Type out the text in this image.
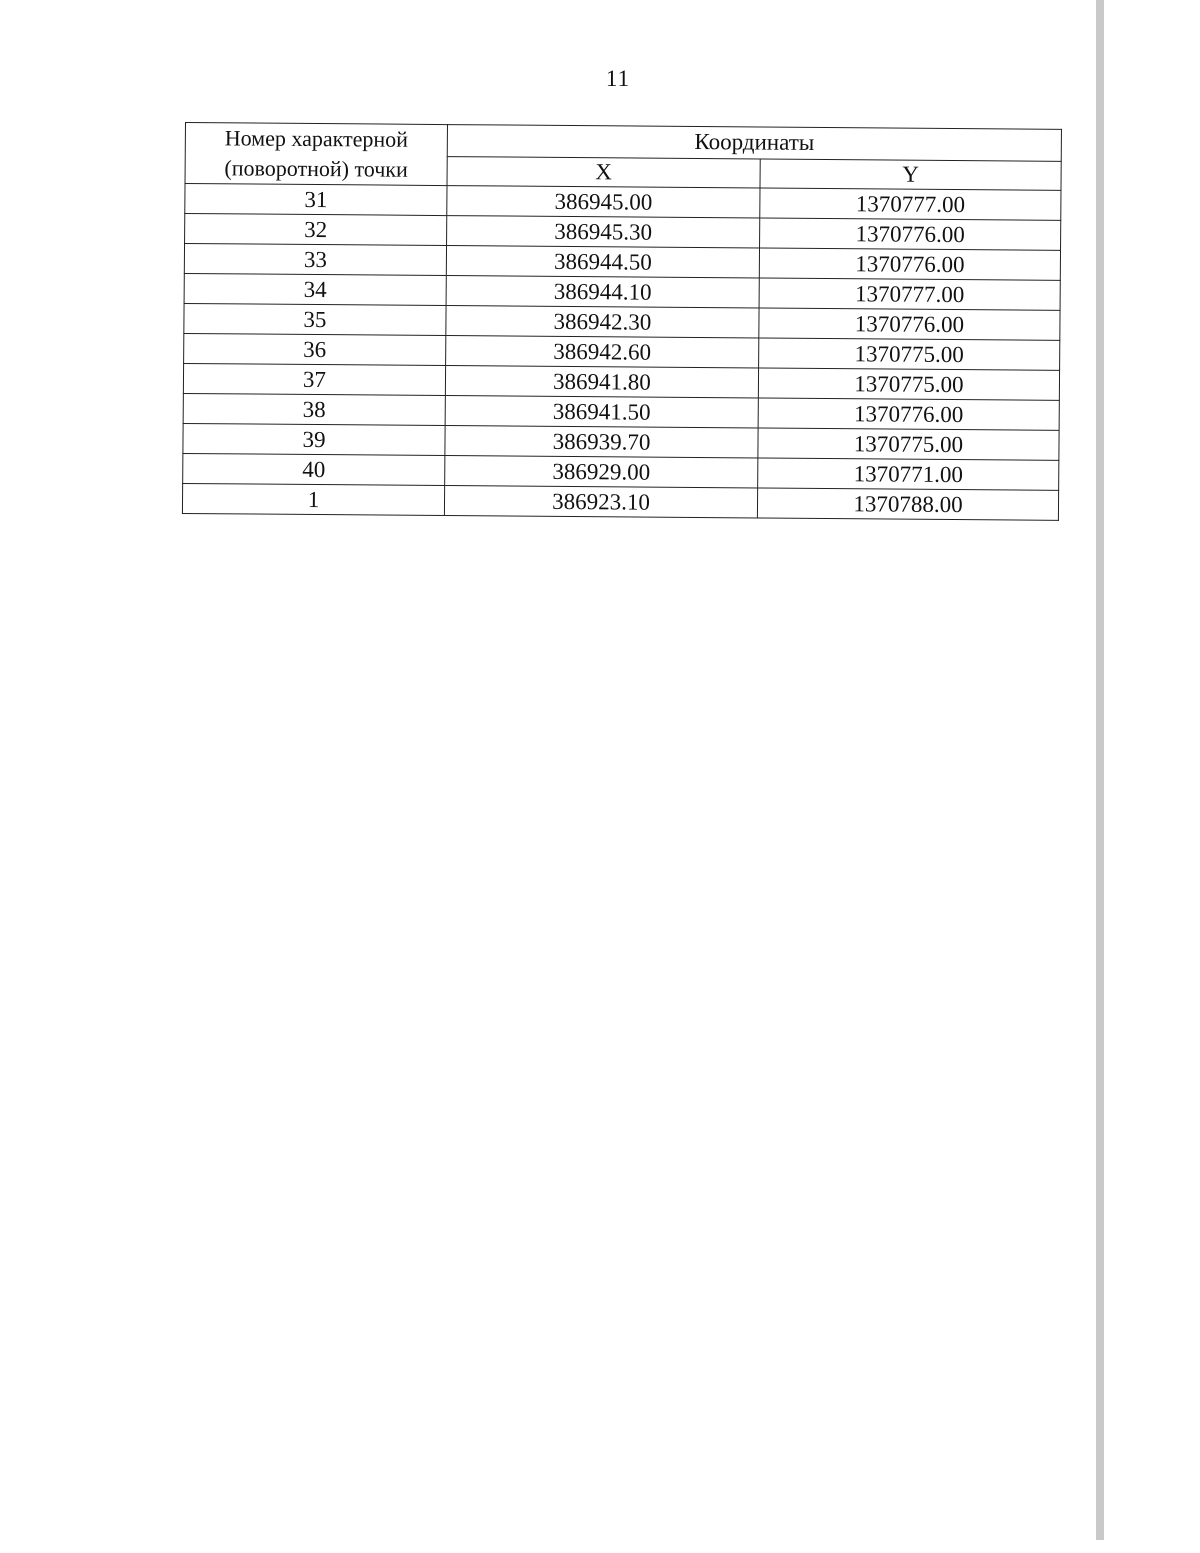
11
Номер характерной (поворотной) точки	Координаты	
	X	Y
31	386945.00	1370777.00
32	386945.30	1370776.00
33	386944.50	1370776.00
34	386944.10	1370777.00
35	386942.30	1370776.00
36	386942.60	1370775.00
37	386941.80	1370775.00
38	386941.50	1370776.00
39	386939.70	1370775.00
40	386929.00	1370771.00
1	386923.10	1370788.00
